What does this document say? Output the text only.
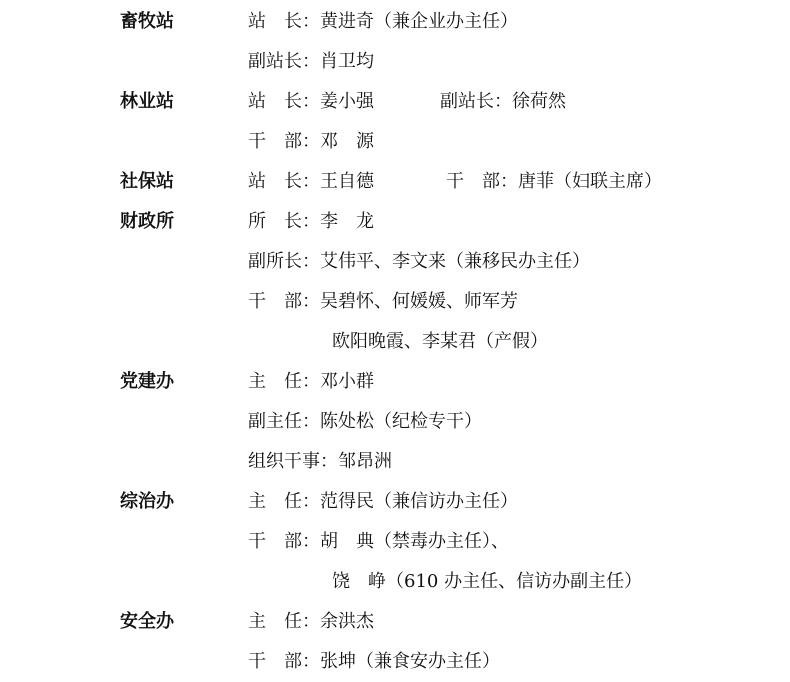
畜牧站	站　长：黄进奇（兼企业办主任）
副站长：肖卫均
林业站	站　长：姜小强	副站长：徐荷然
干　部：邓　源
社保站	站　长：王自德	干　部：唐菲（妇联主席）
财政所	所　长：李　龙
副所长：艾伟平、李文来（兼移民办主任）
干　部：吴碧怀、何媛媛、师军芳
欧阳晚霞、李某君（产假）
党建办	主　任：邓小群
副主任：陈处松（纪检专干）
组织干事：邹昂洲
综治办	主　任：范得民（兼信访办主任）
干　部：胡　典（禁毒办主任）、
饶　峥（610 办主任、信访办副主任）
安全办	主　任：余洪杰
干　部：张坤（兼食安办主任）
